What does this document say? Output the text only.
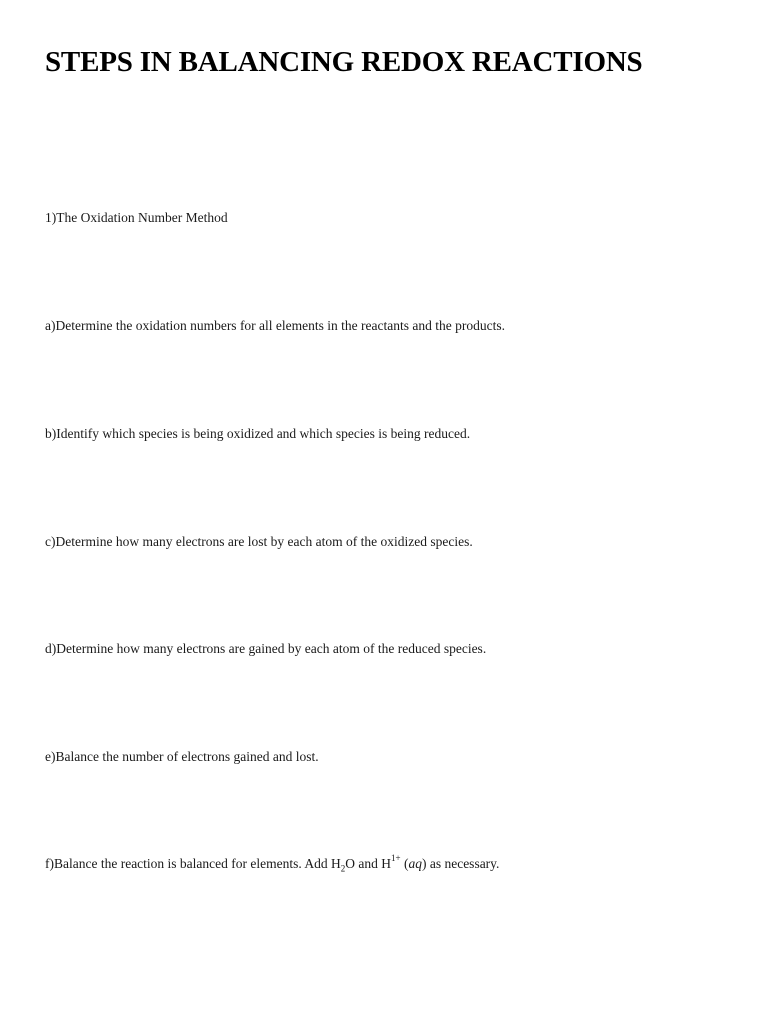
STEPS IN BALANCING REDOX REACTIONS

1)The Oxidation Number Method

a)Determine the oxidation numbers for all elements in the reactants and the products.

b)Identify which species is being oxidized and which species is being reduced.

c)Determine how many electrons are lost by each atom of the oxidized species.

d)Determine how many electrons are gained by each atom of the reduced species.

e)Balance the number of electrons gained and lost.

f)Balance the reaction is balanced for elements. Add $H_2O$ and $H^{1+}$ (aq) as necessary.
